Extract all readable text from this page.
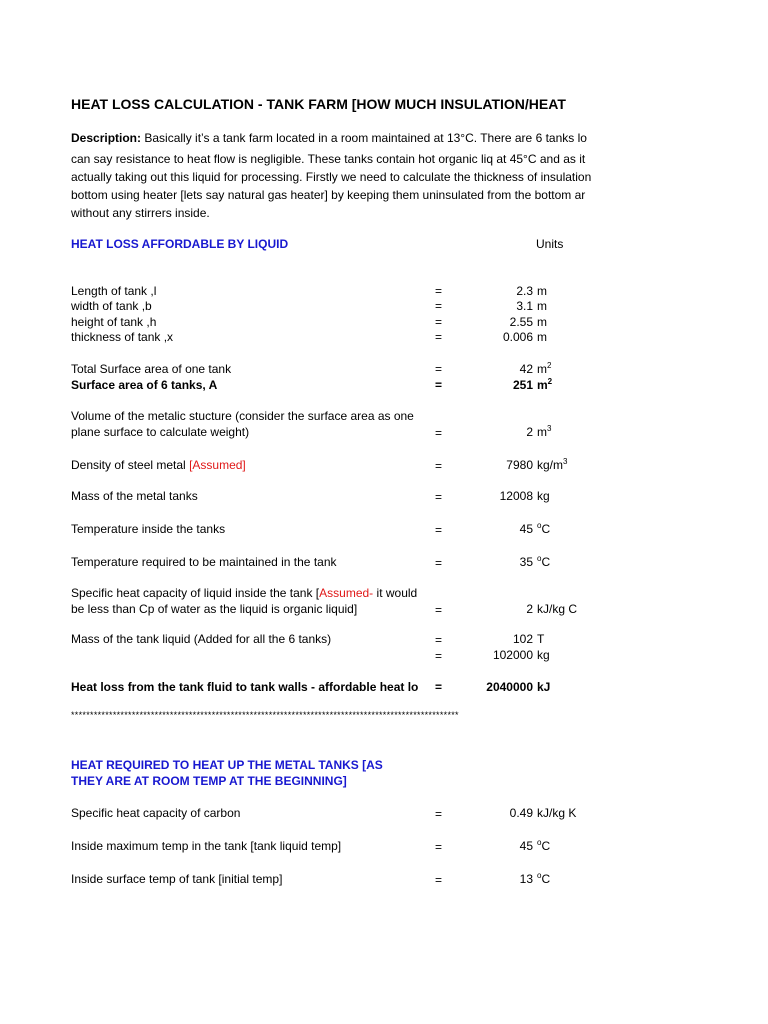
HEAT LOSS CALCULATION - TANK FARM [HOW MUCH INSULATION/HEAT
Description: Basically it’s a tank farm located in a room maintained at 13°C. There are 6 tanks lo
can say resistance to heat flow is negligible. These tanks contain hot organic liq at 45°C and as it
actually taking out this liquid for processing. Firstly we need to calculate the thickness of insulation
bottom using heater [lets say natural gas heater] by keeping them uninsulated from the bottom ar
without any stirrers inside.
HEAT LOSS AFFORDABLE BY LIQUID	Units
Length of tank ,l	=	2.3 m
width of tank ,b	=	3.1 m
height of tank ,h	=	2.55 m
thickness of tank ,x	=	0.006 m
Total Surface area of one tank	=	42 $m^2$
Surface area of 6 tanks, A	=	251 $m^2$
Volume of the metalic stucture (consider the surface area as one
plane surface to calculate weight)	=	2 $m^3$
Density of steel metal [Assumed]	=	7980 $kg/m^3$
Mass of the metal tanks	=	12008 kg
Temperature inside the tanks	=	45 $^o$C
Temperature required to be maintained in the tank	=	35 $^o$C
Specific heat capacity of liquid inside the tank [Assumed- it would
be less than Cp of water as the liquid is organic liquid]	=	2 kJ/kg C
Mass of the tank liquid (Added for all the 6 tanks)	=	102 T
=	102000 kg
Heat loss from the tank fluid to tank walls - affordable heat lo	=	2040000 kJ
******************************************************************************************************
HEAT REQUIRED TO HEAT UP THE METAL TANKS [AS
THEY ARE AT ROOM TEMP AT THE BEGINNING]
Specific heat capacity of carbon	=	0.49 kJ/kg K
Inside maximum temp in the tank [tank liquid temp]	=	45 $^o$C
Inside surface temp of tank [initial temp]	=	13 $^o$C
